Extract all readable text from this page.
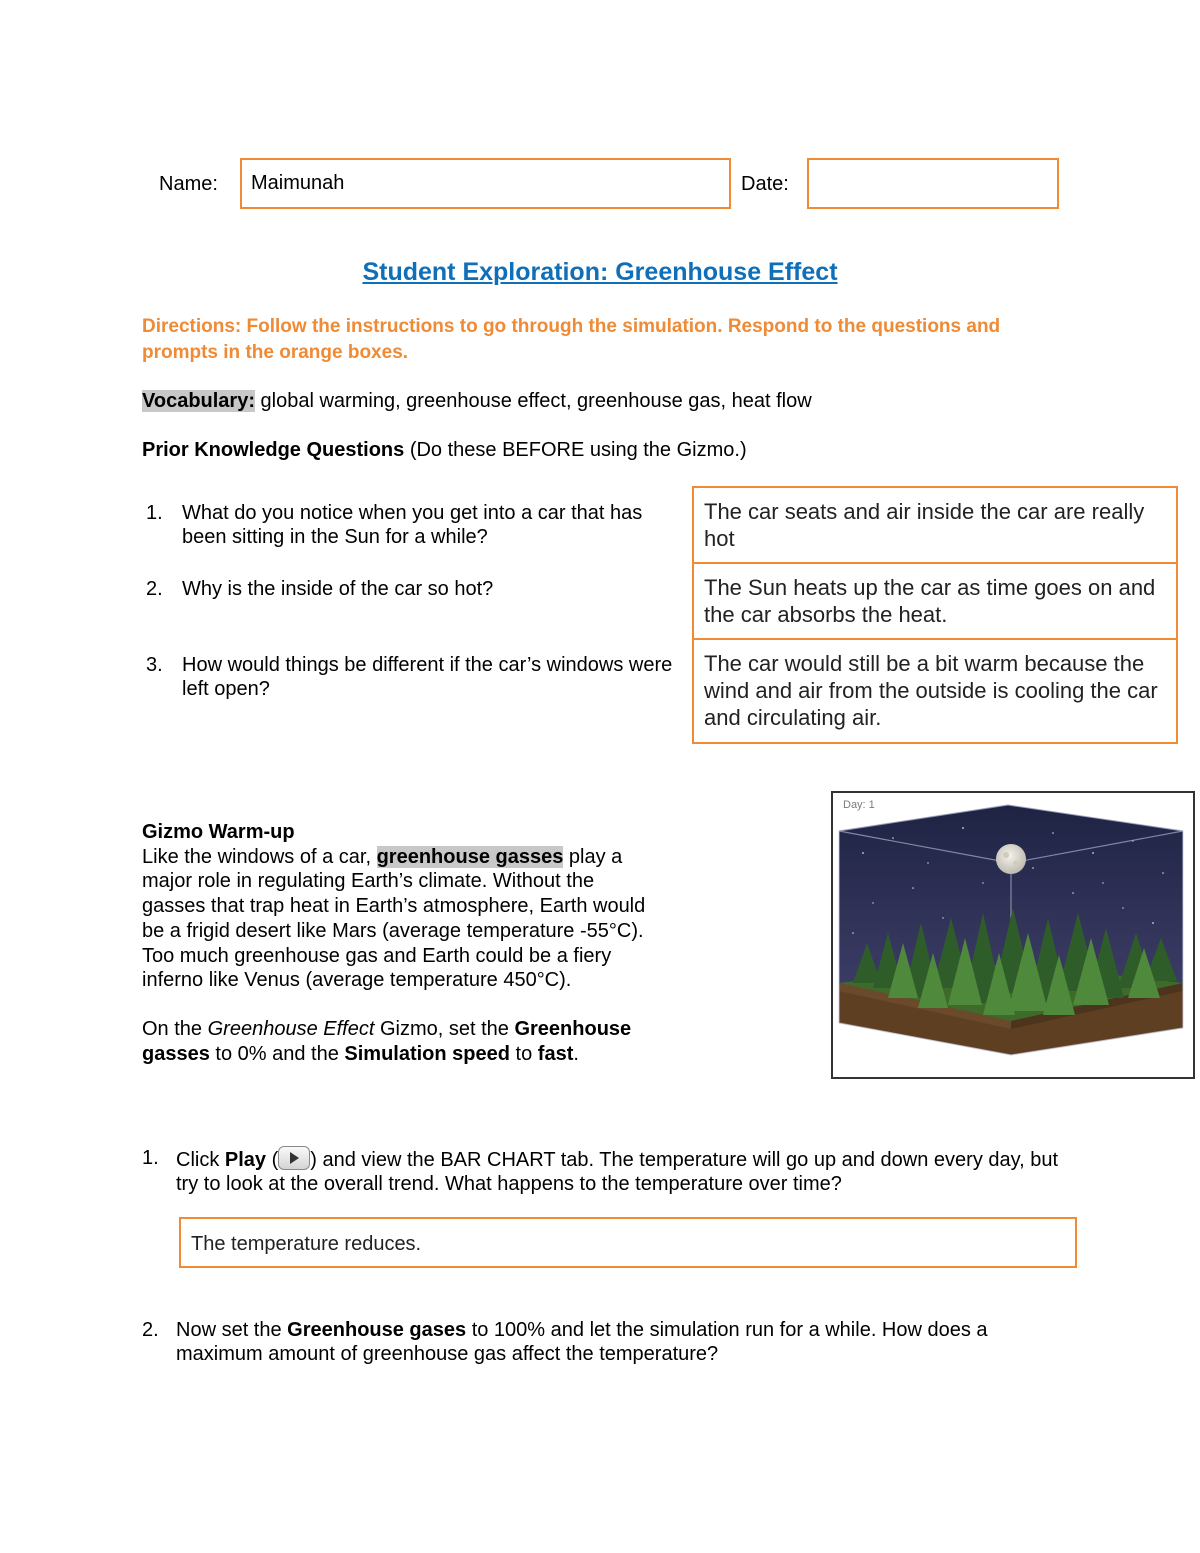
Name: Maimunah	Date:
Student Exploration: Greenhouse Effect
Directions: Follow the instructions to go through the simulation. Respond to the questions and prompts in the orange boxes.
Vocabulary: global warming, greenhouse effect, greenhouse gas, heat flow
Prior Knowledge Questions (Do these BEFORE using the Gizmo.)
1. What do you notice when you get into a car that has been sitting in the Sun for a while?
2. Why is the inside of the car so hot?
3. How would things be different if the car’s windows were left open?
The car seats and air inside the car are really hot
The Sun heats up the car as time goes on and the car absorbs the heat.
The car would still be a bit warm because the wind and air from the outside is cooling the car and circulating air.
Gizmo Warm-up
Like the windows of a car, greenhouse gasses play a major role in regulating Earth’s climate. Without the gasses that trap heat in Earth’s atmosphere, Earth would be a frigid desert like Mars (average temperature -55°C). Too much greenhouse gas and Earth could be a fiery inferno like Venus (average temperature 450°C).
On the Greenhouse Effect Gizmo, set the Greenhouse gasses to 0% and the Simulation speed to fast.
Day: 1
1. Click Play ( ) and view the BAR CHART tab. The temperature will go up and down every day, but try to look at the overall trend. What happens to the temperature over time?
The temperature reduces.
2. Now set the Greenhouse gases to 100% and let the simulation run for a while. How does a maximum amount of greenhouse gas affect the temperature?
